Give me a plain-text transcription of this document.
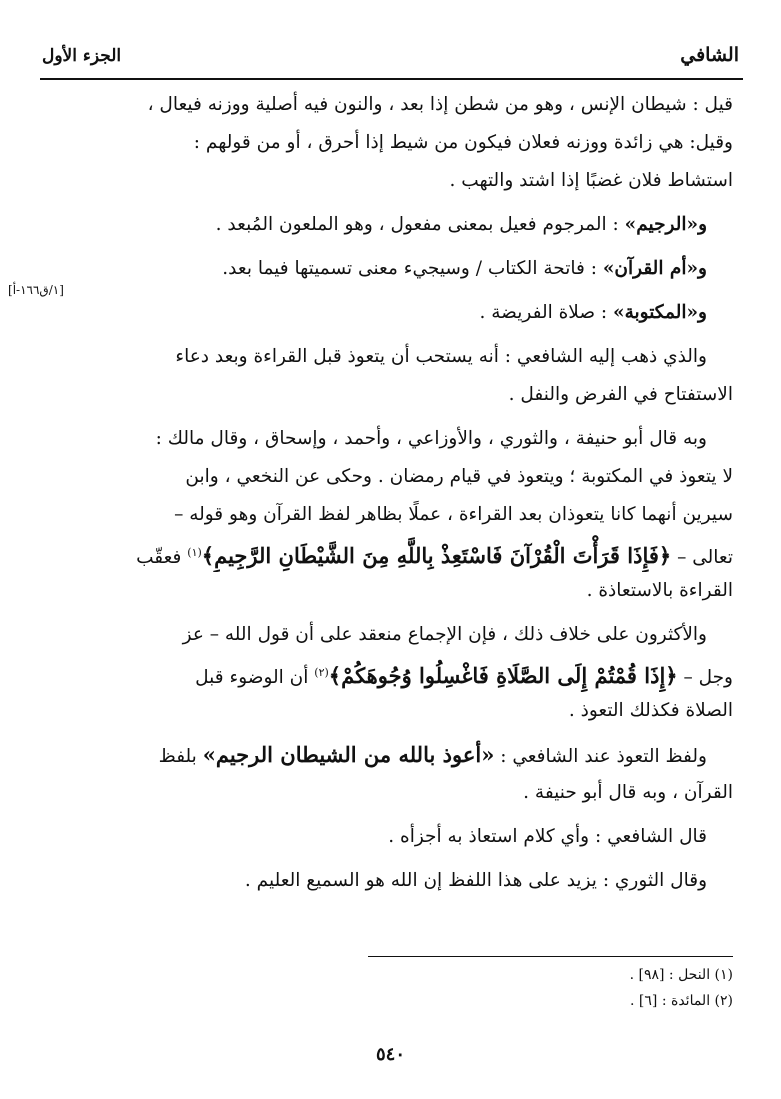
الشافي
الجزء الأول
[١/ق١٦٦-أ]
قيل : شيطان الإنس ، وهو من شطن إذا بعد ، والنون فيه أصلية ووزنه فيعال ،
وقيل: هي زائدة ووزنه فعلان فيكون من شيط إذا أحرق ، أو من قولهم :
استشاط فلان غضبًا إذا اشتد والتهب .
و«الرجيم» : المرجوم فعيل بمعنى مفعول ، وهو الملعون المُبعد .
و«أم القرآن» : فاتحة الكتاب / وسيجيء معنى تسميتها فيما بعد.
و«المكتوبة» : صلاة الفريضة .
والذي ذهب إليه الشافعي : أنه يستحب أن يتعوذ قبل القراءة وبعد دعاء
الاستفتاح في الفرض والنفل .
وبه قال أبو حنيفة ، والثوري ، والأوزاعي ، وأحمد ، وإسحاق ، وقال مالك :
لا يتعوذ في المكتوبة ؛ ويتعوذ في قيام رمضان . وحكى عن النخعي ، وابن
سيرين أنهما كانا يتعوذان بعد القراءة ، عملًا بظاهر لفظ القرآن وهو قوله –
تعالى – ﴿فَإِذَا قَرَأْتَ الْقُرْآنَ فَاسْتَعِذْ بِاللَّهِ مِنَ الشَّيْطَانِ الرَّجِيمِ﴾$^{(١)}$ فعقّب
القراءة بالاستعاذة .
والأكثرون على خلاف ذلك ، فإن الإجماع منعقد على أن قول الله – عز
وجل – ﴿إِذَا قُمْتُمْ إِلَى الصَّلَاةِ فَاغْسِلُوا وُجُوهَكُمْ﴾$^{(٢)}$ أن الوضوء قبل
الصلاة فكذلك التعوذ .
ولفظ التعوذ عند الشافعي : «أعوذ بالله من الشيطان الرجيم» بلفظ
القرآن ، وبه قال أبو حنيفة .
قال الشافعي : وأي كلام استعاذ به أجزأه .
وقال الثوري : يزيد على هذا اللفظ إن الله هو السميع العليم .
(١) النحل : [٩٨] .
(٢) المائدة : [٦] .
٥٤٠
